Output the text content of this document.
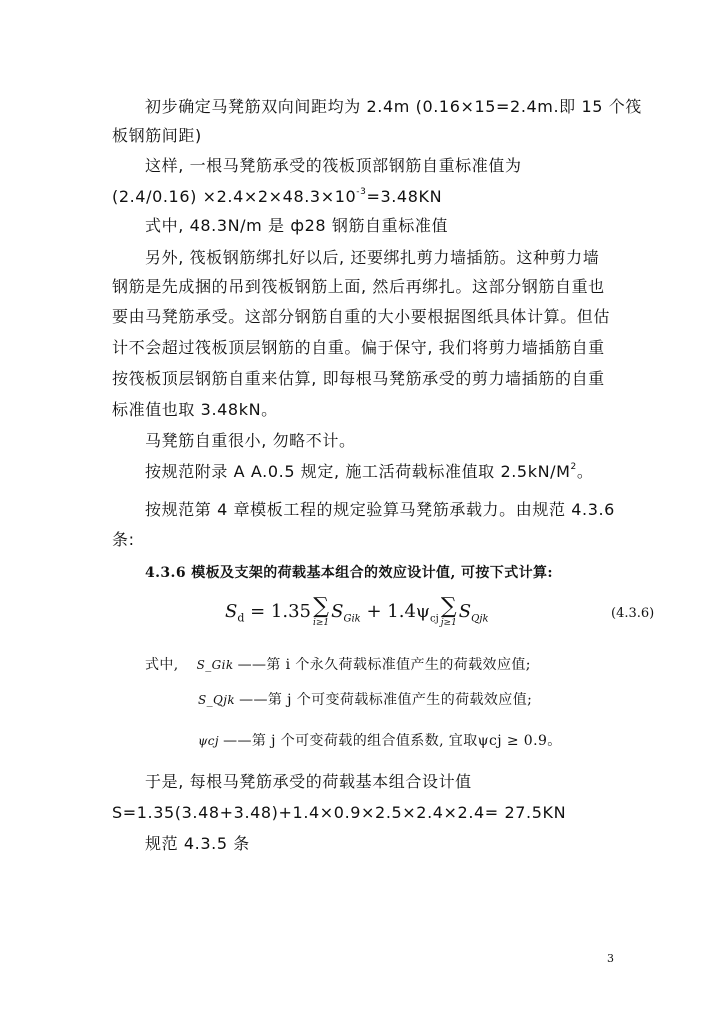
初步确定马凳筋双向间距均为 2.4m (0.16×15=2.4m.即 15 个筏
板钢筋间距)
这样, 一根马凳筋承受的筏板顶部钢筋自重标准值为
$(2.4/0.16) \times 2.4\times 2\times 48.3\times 10^{-3}=3.48KN$
式中, 48.3N/m 是 ф28 钢筋自重标准值
另外, 筏板钢筋绑扎好以后, 还要绑扎剪力墙插筋。这种剪力墙
钢筋是先成捆的吊到筏板钢筋上面, 然后再绑扎。这部分钢筋自重也
要由马凳筋承受。这部分钢筋自重的大小要根据图纸具体计算。但估
计不会超过筏板顶层钢筋的自重。偏于保守, 我们将剪力墙插筋自重
按筏板顶层钢筋自重来估算, 即每根马凳筋承受的剪力墙插筋的自重
标准值也取 3.48kN。
马凳筋自重很小, 勿略不计。
按规范附录 A A.0.5 规定, 施工活荷载标准值取 $2.5kN/M^2$。
按规范第 4 章模板工程的规定验算马凳筋承载力。由规范 4.3.6
条:
4.3.6 模板及支架的荷载基本组合的效应设计值, 可按下式计算:
$S_d = 1.35$ ∑
i≥1
$S_{Gik} + 1.4\psi_{cj}$
∑
j≥1
$S_{Qjk}$	(4.3.6)
式中, S_Gik ——第 i 个永久荷载标准值产生的荷载效应值;
S_Qjk ——第 j 个可变荷载标准值产生的荷载效应值;
ψcj ——第 j 个可变荷载的组合值系数, 宜取ψcj ≥ 0.9。
于是, 每根马凳筋承受的荷载基本组合设计值
S=1.35(3.48+3.48)+1.4×0.9×2.5×2.4×2.4= 27.5KN
规范 4.3.5 条
3
